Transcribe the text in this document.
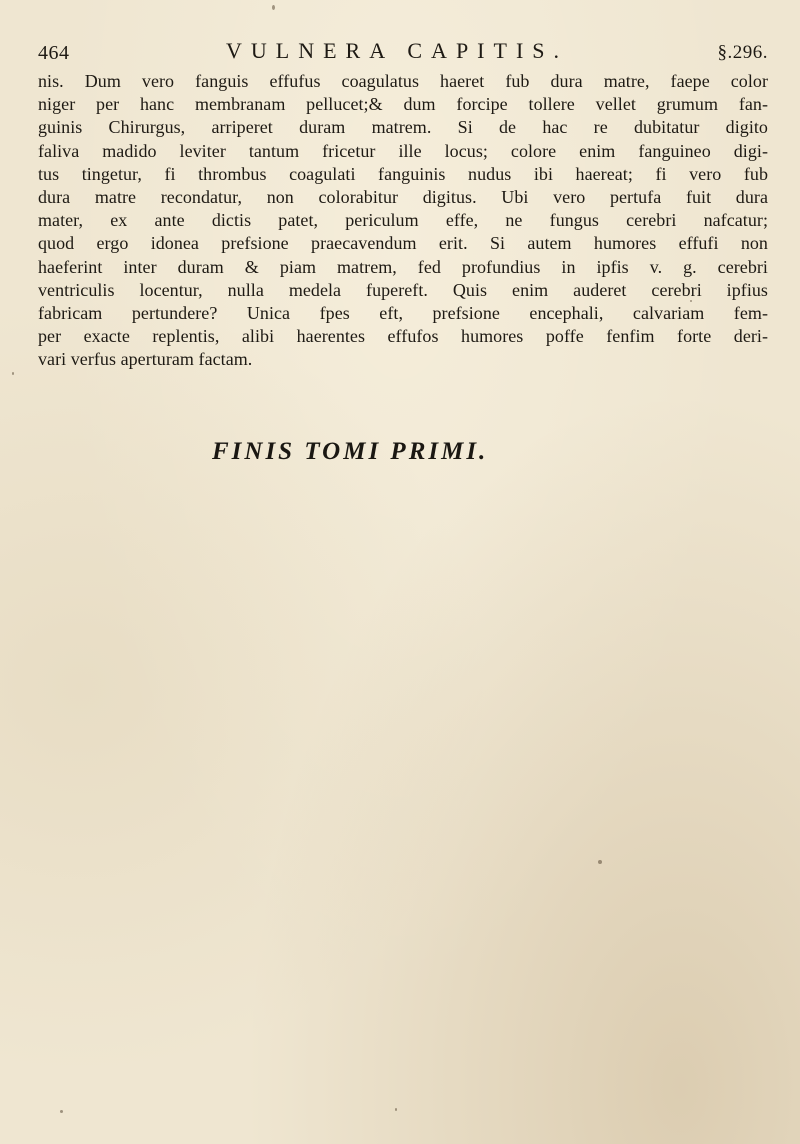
464	VULNERA CAPITIS.	§.296.
nis. Dum vero fanguis effufus coagulatus haeret fub dura matre, faepe color
niger per hanc membranam pellucet;& dum forcipe tollere vellet grumum fan-
guinis Chirurgus, arriperet duram matrem. Si de hac re dubitatur digito
faliva madido leviter tantum fricetur ille locus; colore enim fanguineo digi-
tus tingetur, fi thrombus coagulati fanguinis nudus ibi haereat; fi vero fub
dura matre recondatur, non colorabitur digitus. Ubi vero pertufa fuit dura
mater, ex ante dictis patet, periculum effe, ne fungus cerebri nafcatur;
quod ergo idonea prefsione praecavendum erit. Si autem humores effufi non
haeferint inter duram & piam matrem, fed profundius in ipfis v. g. cerebri
ventriculis locentur, nulla medela fupereft. Quis enim auderet cerebri ipfius
fabricam pertundere? Unica fpes eft, prefsione encephali, calvariam fem-
per exacte replentis, alibi haerentes effufos humores poffe fenfim forte deri-
vari verfus aperturam factam.
FINIS TOMI PRIMI.
